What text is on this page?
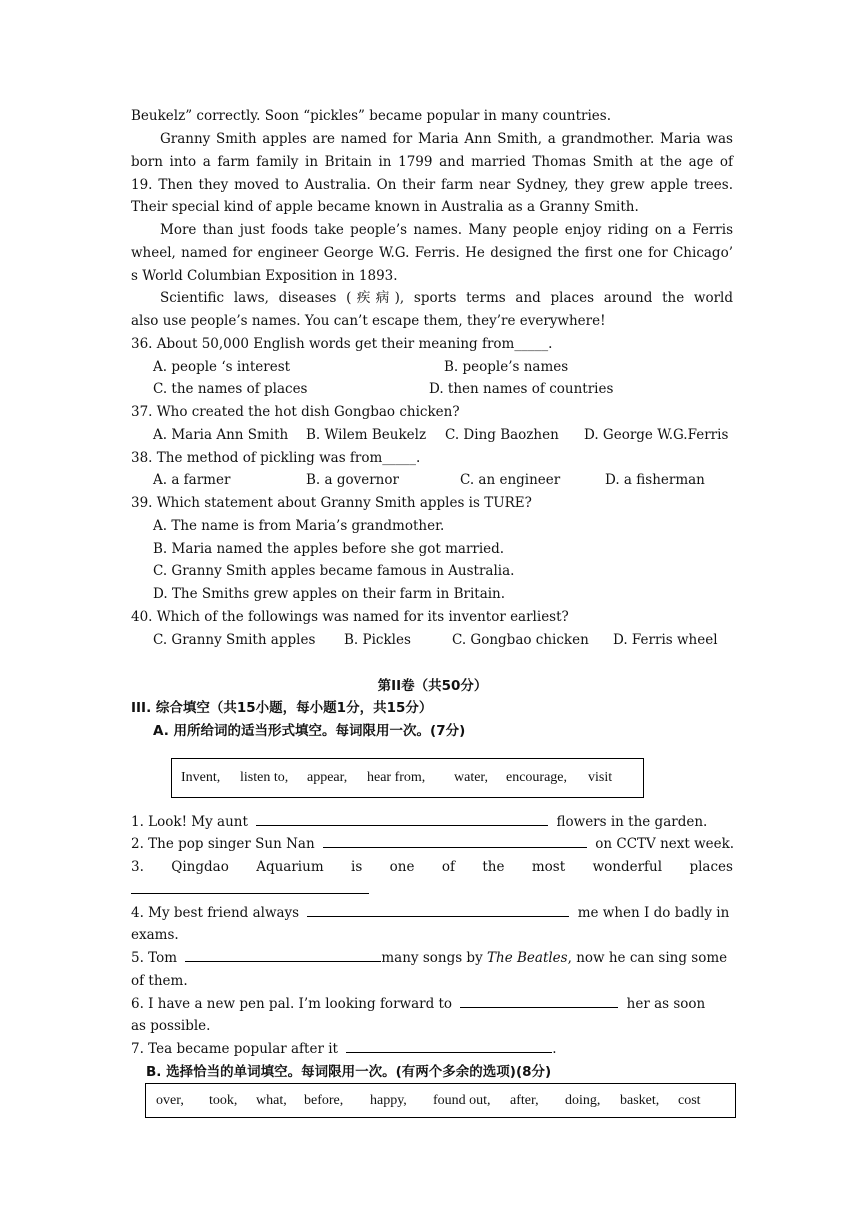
Beukelz” correctly. Soon “pickles” became popular in many countries.
Granny Smith apples are named for Maria Ann Smith, a grandmother. Maria was
born into a farm family in Britain in 1799 and married Thomas Smith at the age of
19. Then they moved to Australia. On their farm near Sydney, they grew apple trees.
Their special kind of apple became known in Australia as a Granny Smith.
More than just foods take people’s names. Many people enjoy riding on a Ferris
wheel, named for engineer George W.G. Ferris. He designed the first one for Chicago’
s World Columbian Exposition in 1893.
Scientific laws, diseases (疾病), sports terms and places around the world
also use people’s names. You can’t escape them, they’re everywhere!
36. About 50,000 English words get their meaning from_____.
A. people ‘s interest	B. people’s names
C. the names of places	D. then names of countries
37. Who created the hot dish Gongbao chicken?
A. Maria Ann Smith B. Wilem Beukelz C. Ding Baozhen D. George W.G.Ferris
38. The method of pickling was from_____.
A. a farmer	B. a governor	C. an engineer	D. a fisherman
39. Which statement about Granny Smith apples is TURE?
A. The name is from Maria’s grandmother.
B. Maria named the apples before she got married.
C. Granny Smith apples became famous in Australia.
D. The Smiths grew apples on their farm in Britain.
40. Which of the followings was named for its inventor earliest?
C. Granny Smith apples B. Pickles	C. Gongbao chicken D. Ferris wheel
第II卷（共50分）
III. 综合填空（共15小题，每小题1分，共15分）
A. 用所给词的适当形式填空。每词限用一次。(7分)
Invent, listen to, appear, hear from, water, encourage, visit
1. Look! My aunt	flowers in the garden.
2. The pop singer Sun Nan	on CCTV next week.
3. Qingdao Aquarium is one of the most wonderful places
4. My best friend always	me when I do badly in
exams.
5. Tom	many songs by The Beatles, now he can sing some
of them.
6. I have a new pen pal. I’m looking forward to	her as soon
as possible.
7. Tea became popular after it	.
B. 选择恰当的单词填空。每词限用一次。(有两个多余的选项)(8分)
over, took, what, before, happy, found out, after, doing, basket, cost
